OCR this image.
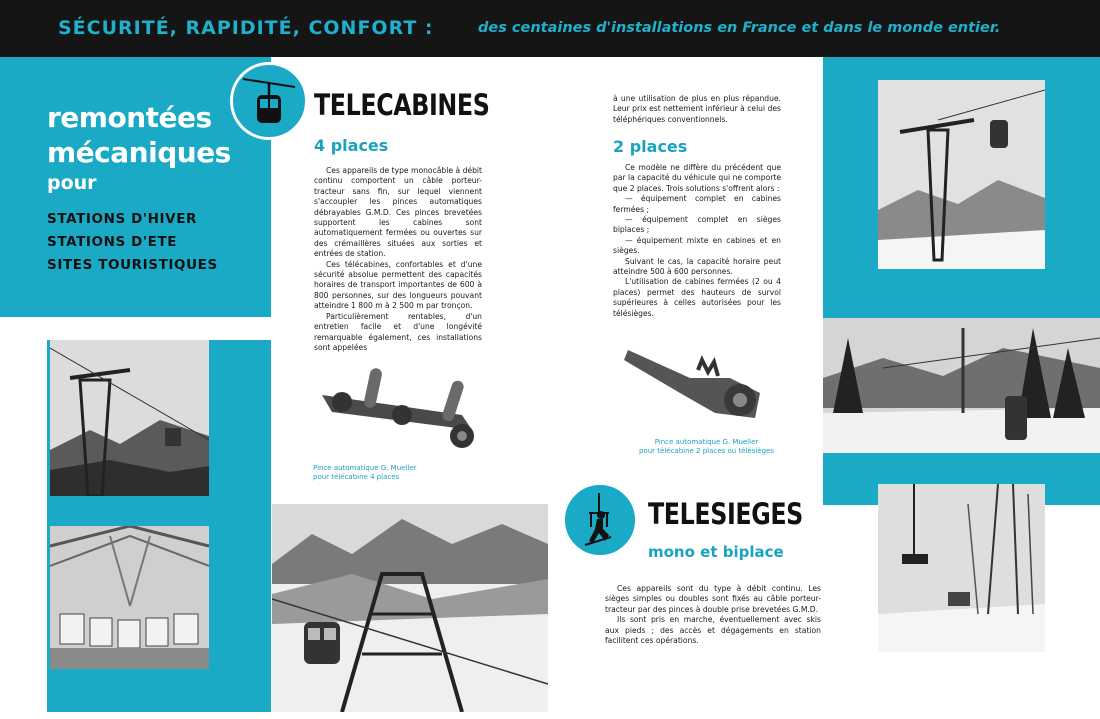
SÉCURITÉ, RAPIDITÉ, CONFORT :	des centaines d'installations en France et dans le monde entier.
remontées
mécaniques
pour
STATIONS D'HIVER
STATIONS D'ETE
SITES TOURISTIQUES
TELECABINES
4 places

Ces appareils de type monocâble à débit continu comportent un câble porteur-tracteur sans fin, sur lequel viennent s'accoupler les pinces automatiques débrayables G.M.D. Ces pinces brevetées supportent les cabines sont automatiquement fermées ou ouvertes sur des crémaillères situées aux sorties et entrées de station.

Ces télécabines, confortables et d'une sécurité absolue permettent des capacités horaires de transport importantes de 600 à 800 personnes, sur des longueurs pouvant atteindre 1 800 m à 2 500 m par tronçon.

Particulièrement rentables, d'un entretien facile et d'une longévité remarquable également, ces installations sont appelées

Pince automatique G. Mueller
pour télécabine 4 places

à une utilisation de plus en plus répandue. Leur prix est nettement inférieur à celui des téléphériques conventionnels.

2 places

Ce modèle ne diffère du précédent que par la capacité du véhicule qui ne comporte que 2 places. Trois solutions s'offrent alors :

— équipement complet en cabines fermées ;

— équipement complet en sièges biplaces ;

— équipement mixte en cabines et en sièges.

Suivant le cas, la capacité horaire peut atteindre 500 à 600 personnes.

L'utilisation de cabines fermées (2 ou 4 places) permet des hauteurs de survol supérieures à celles autorisées pour les télésièges.

Pince automatique G. Mueller
pour télécabine 2 places ou télésièges
TELESIEGES
mono et biplace

Ces appareils sont du type à débit continu. Les sièges simples ou doubles sont fixés au câble porteur-tracteur par des pinces à double prise brevetées G.M.D.

Ils sont pris en marche, éventuellement avec skis aux pieds ; des accès et dégagements en station facilitent ces opérations.
